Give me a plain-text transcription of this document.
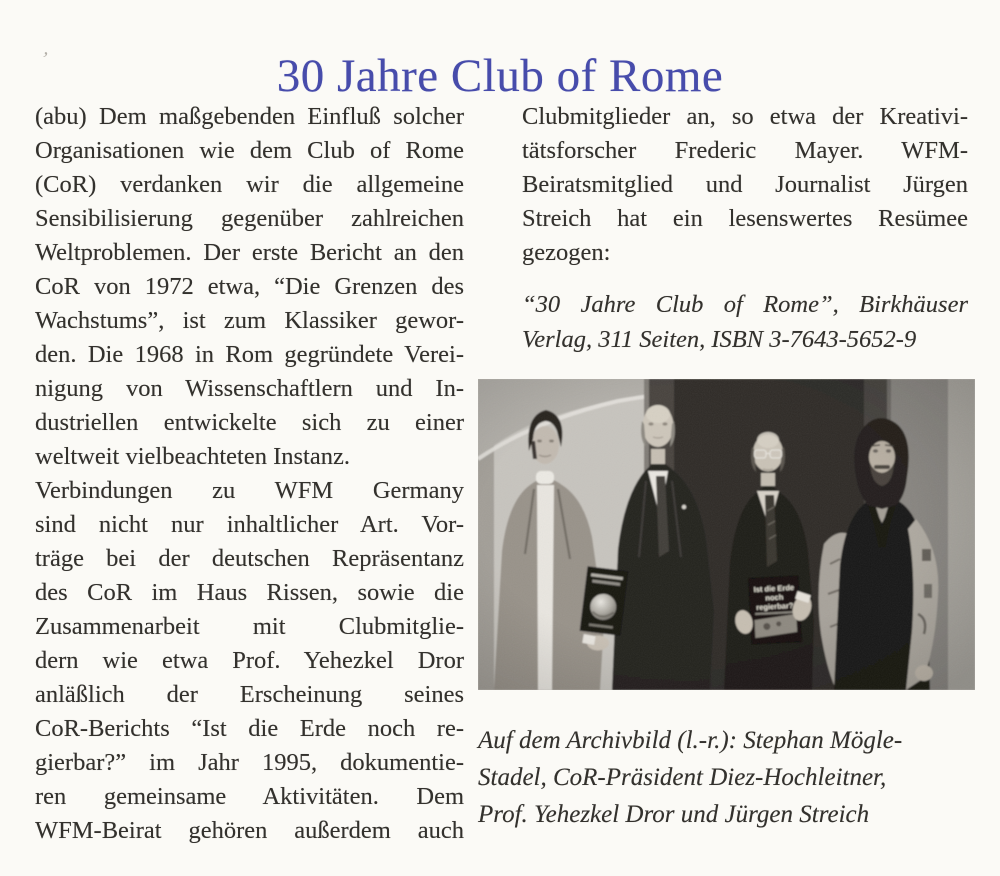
ʼ	30 Jahre Club of Rome
(abu) Dem maßgebenden Einfluß solcher
Organisationen wie dem Club of Rome
(CoR) verdanken wir die allgemeine
Sensibilisierung gegenüber zahlreichen
Weltproblemen. Der erste Bericht an den
CoR von 1972 etwa, “Die Grenzen des
Wachstums”, ist zum Klassiker gewor-
den. Die 1968 in Rom gegründete Verei-
nigung von Wissenschaftlern und In-
dustriellen entwickelte sich zu einer
weltweit vielbeachteten Instanz.
Verbindungen zu WFM Germany
sind nicht nur inhaltlicher Art. Vor-
träge bei der deutschen Repräsentanz
des CoR im Haus Rissen, sowie die
Zusammenarbeit mit Clubmitglie-
dern wie etwa Prof. Yehezkel Dror
anläßlich der Erscheinung seines
CoR-Berichts “Ist die Erde noch re-
gierbar?” im Jahr 1995, dokumentie-
ren gemeinsame Aktivitäten. Dem
WFM-Beirat gehören außerdem auch
Clubmitglieder an, so etwa der Kreativi-
tätsforscher Frederic Mayer. WFM-
Beiratsmitglied und Journalist Jürgen
Streich hat ein lesenswertes Resümee
gezogen:
“30 Jahre Club of Rome”, Birkhäuser
Verlag, 311 Seiten, ISBN 3-7643-5652-9
Auf dem Archivbild (l.-r.): Stephan Mögle-
Stadel, CoR-Präsident Diez-Hochleitner,
Prof. Yehezkel Dror und Jürgen Streich
